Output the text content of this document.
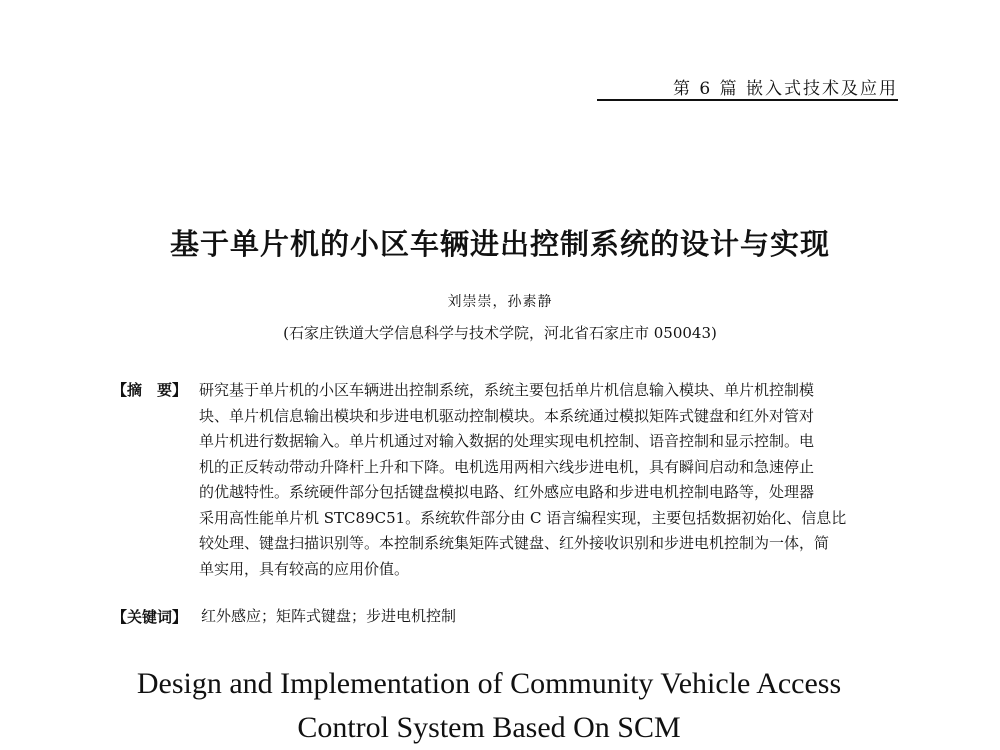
第 6 篇 嵌入式技术及应用
基于单片机的小区车辆进出控制系统的设计与实现
刘崇崇，孙素静
(石家庄铁道大学信息科学与技术学院，河北省石家庄市 050043)
【摘　要】 研究基于单片机的小区车辆进出控制系统，系统主要包括单片机信息输入模块、单片机控制模
块、单片机信息输出模块和步进电机驱动控制模块。本系统通过模拟矩阵式键盘和红外对管对
单片机进行数据输入。单片机通过对输入数据的处理实现电机控制、语音控制和显示控制。电
机的正反转动带动升降杆上升和下降。电机选用两相六线步进电机，具有瞬间启动和急速停止
的优越特性。系统硬件部分包括键盘模拟电路、红外感应电路和步进电机控制电路等，处理器
采用高性能单片机 STC89C51。系统软件部分由 C 语言编程实现，主要包括数据初始化、信息比
较处理、键盘扫描识别等。本控制系统集矩阵式键盘、红外接收识别和步进电机控制为一体，简
单实用，具有较高的应用价值。
【关键词】 红外感应；矩阵式键盘；步进电机控制
Design and Implementation of Community Vehicle Access
Control System Based On SCM
